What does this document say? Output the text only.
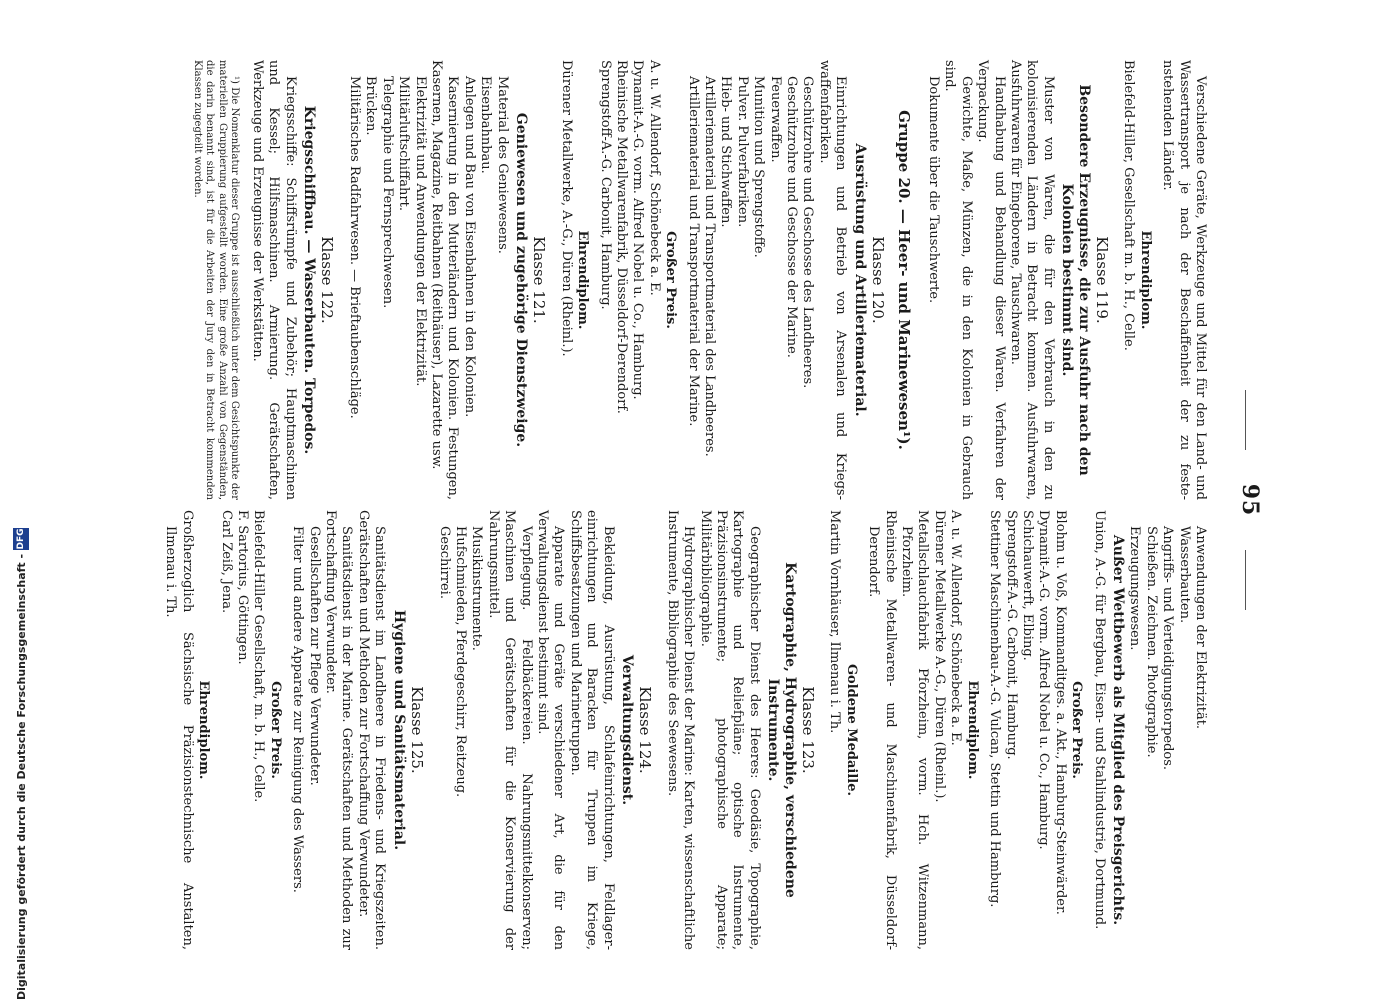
95

Verschiedene Geräte, Werkzeuge und Mittel für den Land- und Wassertransport je nach der Beschaffenheit der zu feste-nstehenden Länder.

Ehrendiplom.

Bielefeld-Hiller, Gesellschaft m. b. H., Celle.

Klasse 119.

Besondere Erzeugnisse, die zur Ausfuhr nach den Kolonien bestimmt sind.

Muster von Waren, die für den Verbrauch in den zu kolonisierenden Ländern in Betracht kommen. Ausfuhrwaren, Ausfuhrwaren für Eingeborene, Tauschwaren.

Handhabung und Behandlung dieser Waren. Verfahren der Verpackung.

Gewichte, Maße, Münzen, die in den Kolonien in Gebrauch sind.

Dokumente über die Tauschwerte.

Gruppe 20. — Heer- und Marinewesen¹).

Klasse 120.

Ausrüstung und Artilleriematerial.

Einrichtungen und Betrieb von Arsenalen und Kriegs-waffenfabriken.

Geschützrohre und Geschosse des Landheeres.

Geschützrohre und Geschosse der Marine.

Feuerwaffen.

Munition und Sprengstoffe.

Pulver. Pulverfabriken.

Hieb- und Stichwaffen.

Artilleriematerial und Transportmaterial des Landheeres.

Artilleriematerial und Transportmaterial der Marine.

Großer Preis.

A. u. W. Allendorf, Schönebeck a. E.

Dynamit-A.-G. vorm. Alfred Nobel u. Co., Hamburg.

Rheinische Metallwarenfabrik, Düsseldorf-Derendorf.

Sprengstoff-A.-G. Carbonit, Hamburg.

Ehrendiplom.

Dürener Metallwerke, A.-G., Düren (Rheinl.).

Klasse 121.

Geniewesen und zugehörige Dienstzweige.

Material des Geniewesens.

Eisenbahnbau.

Anlegen und Bau von Eisenbahnen in den Kolonien.

Kasernierung in den Mutterländern und Kolonien. Festungen, Kasernen, Magazine, Reitbahnen (Reithäuser), Lazarette usw.

Elektrizität und Anwendungen der Elektrizität.

Militärluftschiffahrt.

Telegraphie und Fernsprechwesen.

Brücken.

Militärisches Radfahrwesen. — Brieftaubenschläge.

Klasse 122.

Kriegsschiffbau. — Wasserbauten. Torpedos.

Kriegsschiffe: Schiffsrümpfe und Zubehör; Hauptmaschinen und Kessel; Hilfsmaschinen. Armierung. Gerätschaften, Werkzeuge und Erzeugnisse der Werkstätten.

¹) Die Nomenklatur dieser Gruppe ist ausschließlich unter dem Gesichtspunkte der materiellen Gruppierung aufgestellt worden. Eine große Anzahl von Gegenständen, die darin benannt sind, ist für die Arbeiten der Jury den in Betracht kommenden Klassen zugegteilt worden.

Anwendungen der Elektrizität.

Wasserbauten.

Angriffs- und Verteidigungstorpedos.

Schießen. Zeichnen. Photographie.

Erzeugungswesen.

Außer Wettbewerb als Mitglied des Preisgerichts.

Union, A.-G. für Bergbau, Eisen- und Stahlindustrie, Dortmund.

Großer Preis.

Blohm u. Voß, Kommanditges. a. Akt., Hamburg-Steinwärder.

Dynamit-A.-G. vorm. Alfred Nobel u. Co., Hamburg.

Schichauwerft, Elbing.

Sprengstoff-A.-G. Carbonit, Hamburg.

Stettiner Maschinenbau-A.-G. Vulcan, Stettin und Hamburg.

Ehrendiplom.

A. u. W. Allendorf, Schönebeck a. E.

Dürener Metallwerke A.-G., Düren (Rheinl.).

Metallschlauchfabrik Pforzheim, vorm. Hch. Witzenmann, Pforzheim.

Rheinische Metallwaren- und Maschinenfabrik, Düsseldorf-Derendorf.

Goldene Medaille.

Martin Vornhäuser, Ilmenau i. Th.

Klasse 123.

Kartographie, Hydrographie, verschiedene Instrumente.

Geographischer Dienst des Heeres: Geodäsie, Topographie, Kartographie und Reliefpläne; optische Instrumente, Präzisionsinstrumente; photographische Apparate; Militärbibliographie.

Hydrographischer Dienst der Marine: Karten, wissenschaftliche Instrumente, Bibliographie des Seewesens.

Klasse 124.

Verwaltungsdienst.

Bekleidung, Ausrüstung, Schlafeinrichtungen, Feldlager-einrichtungen und Baracken für Truppen im Kriege, Schiffsbesatzungen und Marinetruppen.

Apparate und Geräte verschiedener Art, die für den Verwaltungsdienst bestimmt sind.

Verpflegung. Feldbäckereien. Nahrungsmittelkonserven; Maschinen und Gerätschaften für die Konservierung der Nahrungsmittel.

Musikinstrumente.

Hufschmieden, Pferdegeschirr, Reitzeug.

Geschirrei.

Klasse 125.

Hygiene und Sanitätsmaterial.

Sanitätsdienst im Landheere in Friedens- und Kriegszeiten. Gerätschaften und Methoden zur Fortschaffung Verwundeter.

Sanitätsdienst in der Marine. Gerätschaften und Methoden zur Fortschaffung Verwundeter.

Gesellschaften zur Pflege Verwundeter.

Filter und andere Apparate zur Reinigung des Wassers.

Großer Preis.

Bielefeld-Hiller Gesellschaft, m. b. H., Celle.

F. Sartorius, Göttingen.

Carl Zeiß, Jena.

Ehrendiplom.

Großherzoglich Sächsische Präzisionstechnische Anstalten, Ilmenau i. Th.

Digitalisierung gefördert durch die Deutsche Forschungsgemeinschaft -
DFG
